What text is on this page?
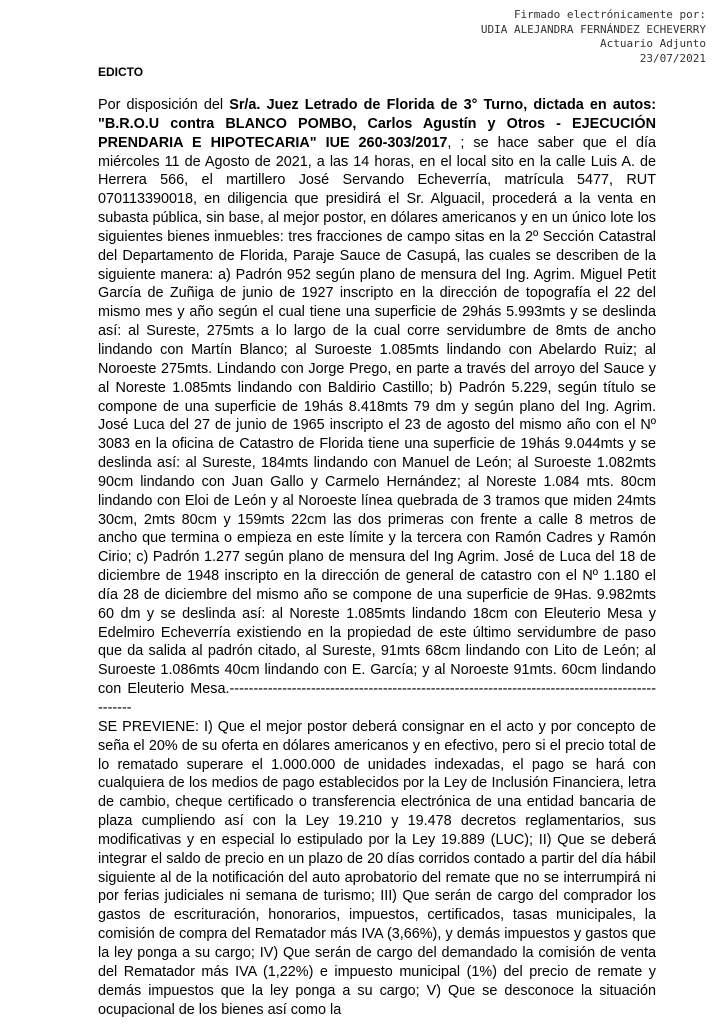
Firmado electrónicamente por:
UDIA ALEJANDRA FERNÁNDEZ ECHEVERRY
Actuario Adjunto
23/07/2021
EDICTO

Por disposición del Sr/a. Juez Letrado de Florida de 3° Turno, dictada en autos: "B.R.O.U contra BLANCO POMBO, Carlos Agustín y Otros - EJECUCIÓN PRENDARIA E HIPOTECARIA" IUE 260-303/2017, ; se hace saber que el día miércoles 11 de Agosto de 2021, a las 14 horas, en el local sito en la calle Luis A. de Herrera 566, el martillero José Servando Echeverría, matrícula 5477, RUT 070113390018, en diligencia que presidirá el Sr. Alguacil, procederá a la venta en subasta pública, sin base, al mejor postor, en dólares americanos y en un único lote los siguientes bienes inmuebles: tres fracciones de campo sitas en la 2º Sección Catastral del Departamento de Florida, Paraje Sauce de Casupá, las cuales se describen de la siguiente manera: a) Padrón 952 según plano de mensura del Ing. Agrim. Miguel Petit García de Zuñiga de junio de 1927 inscripto en la dirección de topografía el 22 del mismo mes y año según el cual tiene una superficie de 29hás 5.993mts y se deslinda así: al Sureste, 275mts a lo largo de la cual corre servidumbre de 8mts de ancho lindando con Martín Blanco; al Suroeste 1.085mts lindando con Abelardo Ruiz; al Noroeste 275mts. Lindando con Jorge Prego, en parte a través del arroyo del Sauce y al Noreste 1.085mts lindando con Baldirio Castillo; b) Padrón 5.229, según título se compone de una superficie de 19hás 8.418mts 79 dm y según plano del Ing. Agrim. José Luca del 27 de junio de 1965 inscripto el 23 de agosto del mismo año con el Nº 3083 en la oficina de Catastro de Florida tiene una superficie de 19hás 9.044mts y se deslinda así: al Sureste, 184mts lindando con Manuel de León; al Suroeste 1.082mts 90cm lindando con Juan Gallo y Carmelo Hernández; al Noreste 1.084 mts. 80cm lindando con Eloi de León y al Noroeste línea quebrada de 3 tramos que miden 24mts 30cm, 2mts 80cm y 159mts 22cm las dos primeras con frente a calle 8 metros de ancho que termina o empieza en este límite y la tercera con Ramón Cadres y Ramón Cirio; c) Padrón 1.277 según plano de mensura del Ing Agrim. José de Luca del 18 de diciembre de 1948 inscripto en la dirección de general de catastro con el Nº 1.180 el día 28 de diciembre del mismo año se compone de una superficie de 9Has. 9.982mts 60 dm y se deslinda así: al Noreste 1.085mts lindando 18cm con Eleuterio Mesa y Edelmiro Echeverría existiendo en la propiedad de este último servidumbre de paso que da salida al padrón citado, al Sureste, 91mts 68cm lindando con Lito de León; al Suroeste 1.086mts 40cm lindando con E. García; y al Noroeste 91mts. 60cm lindando con Eleuterio Mesa.------------------------------------------------------------------------------------------------

SE PREVIENE: I) Que el mejor postor deberá consignar en el acto y por concepto de seña el 20% de su oferta en dólares americanos y en efectivo, pero si el precio total de lo rematado superare el 1.000.000 de unidades indexadas, el pago se hará con cualquiera de los medios de pago establecidos por la Ley de Inclusión Financiera, letra de cambio, cheque certificado o transferencia electrónica de una entidad bancaria de plaza cumpliendo así con la Ley 19.210 y 19.478 decretos reglamentarios, sus modificativas y en especial lo estipulado por la Ley 19.889 (LUC); II) Que se deberá integrar el saldo de precio en un plazo de 20 días corridos contado a partir del día hábil siguiente al de la notificación del auto aprobatorio del remate que no se interrumpirá ni por ferias judiciales ni semana de turismo; III) Que serán de cargo del comprador los gastos de escrituración, honorarios, impuestos, certificados, tasas municipales, la comisión de compra del Rematador más IVA (3,66%), y demás impuestos y gastos que la ley ponga a su cargo; IV) Que serán de cargo del demandado la comisión de venta del Rematador más IVA (1,22%) e impuesto municipal (1%) del precio de remate y demás impuestos que la ley ponga a su cargo; V) Que se desconoce la situación ocupacional de los bienes así como la
